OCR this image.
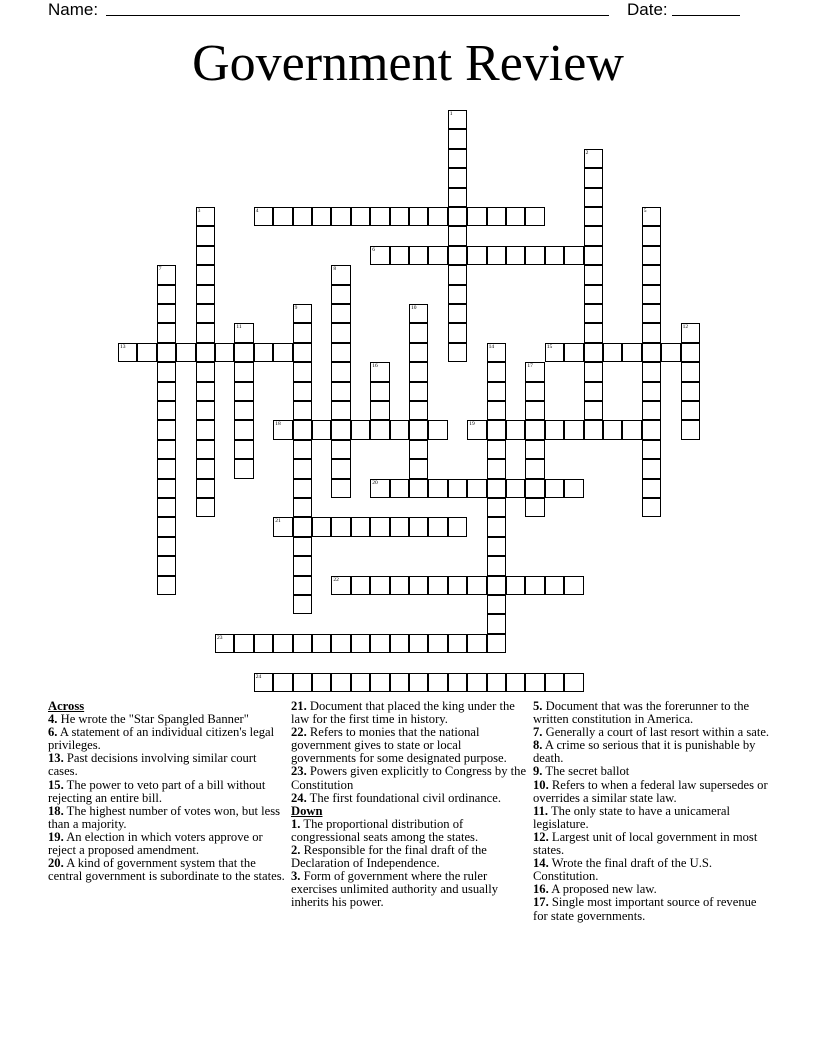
Name:	Date:
Government Review
1
2
3	4	5
6
7	8
9	10
11	12
13	14	15
16	17
18	19
20
21
22
23
24
Across
4. He wrote the "Star Spangled Banner"
6. A statement of an individual citizen's legal privileges.
13. Past decisions involving similar court cases.
15. The power to veto part of a bill without rejecting an entire bill.
18. The highest number of votes won, but less than a majority.
19. An election in which voters approve or reject a proposed amendment.
20. A kind of government system that the central government is subordinate to the states.
21. Document that placed the king under the law for the first time in history.
22. Refers to monies that the national government gives to state or local governments for some designated purpose.
23. Powers given explicitly to Congress by the Constitution
24. The first foundational civil ordinance.
Down
1. The proportional distribution of congressional seats among the states.
2. Responsible for the final draft of the Declaration of Independence.
3. Form of government where the ruler exercises unlimited authority and usually inherits his power.
5. Document that was the forerunner to the written constitution in America.
7. Generally a court of last resort within a sate.
8. A crime so serious that it is punishable by death.
9. The secret ballot
10. Refers to when a federal law supersedes or overrides a similar state law.
11. The only state to have a unicameral legislature.
12. Largest unit of local government in most states.
14. Wrote the final draft of the U.S. Constitution.
16. A proposed new law.
17. Single most important source of revenue for state governments.
